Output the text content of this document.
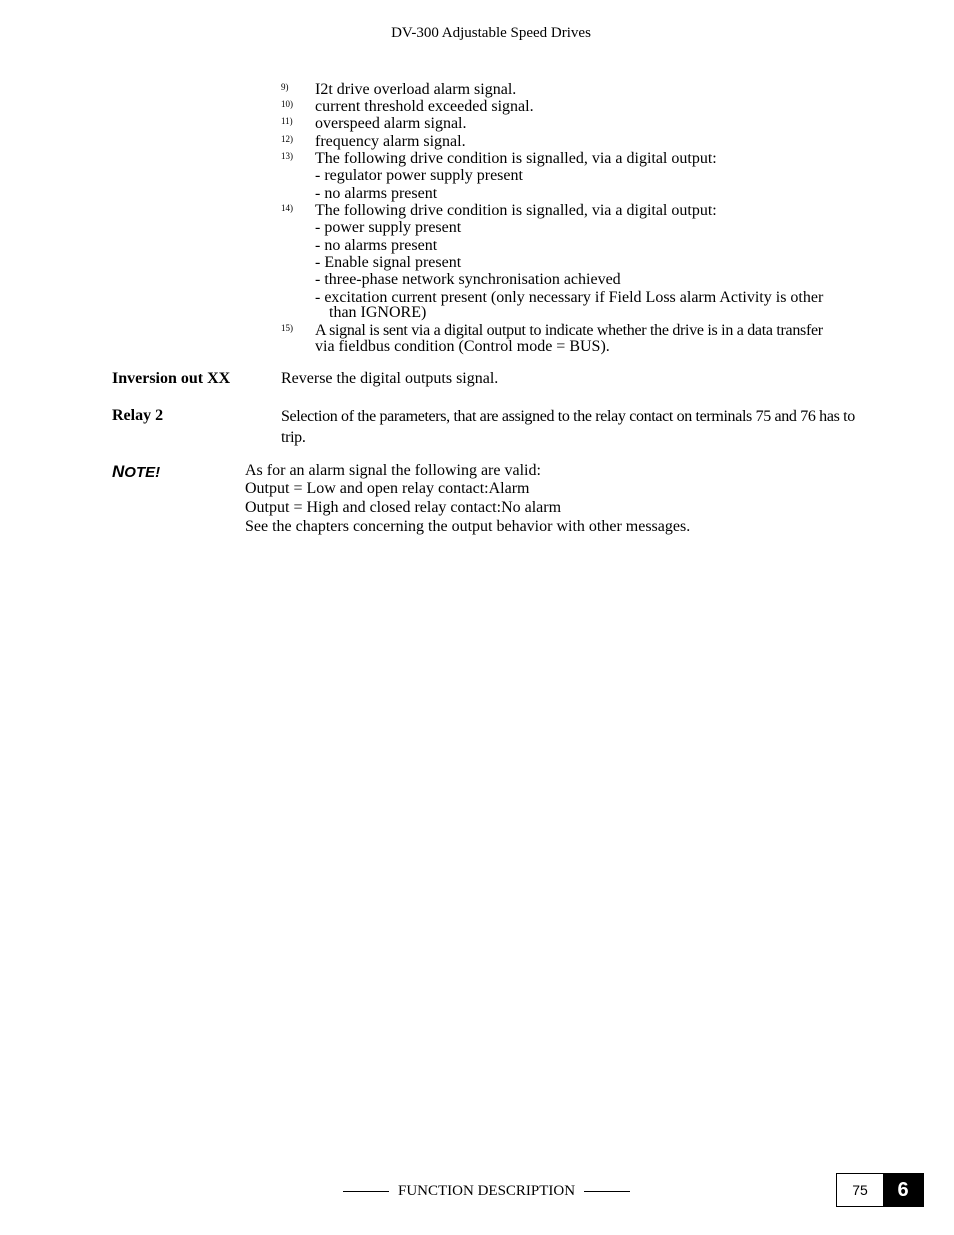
DV-300 Adjustable Speed Drives
9) I2t drive overload alarm signal.
10) current threshold exceeded signal.
11) overspeed alarm signal.
12) frequency alarm signal.
13) The following drive condition is signalled, via a digital output:
- regulator power supply present
- no alarms present
14) The following drive condition is signalled, via a digital output:
- power supply present
- no alarms present
- Enable signal present
- three-phase network synchronisation achieved
- excitation current present (only necessary if Field Loss alarm Activity is other
than IGNORE)
15) A signal is sent via a digital output to indicate whether the drive is in a data transfer
via fieldbus condition (Control mode = BUS).
Inversion out XX	Reverse the digital outputs signal.
Relay 2	Selection of the parameters, that are assigned to the relay contact on terminals 75 and 76 has to trip.
NOTE!	As for an alarm signal the following are valid:
Output = Low and open relay contact:Alarm
Output = High and closed relay contact:No alarm
See the chapters concerning the output behavior with other messages.
FUNCTION DESCRIPTION	75	6
